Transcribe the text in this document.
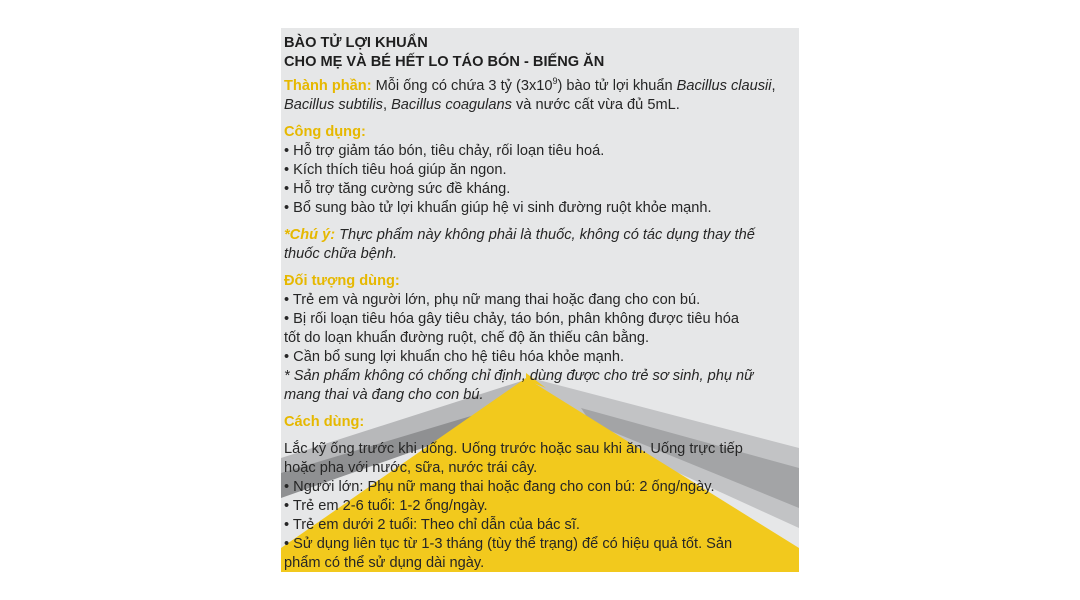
BÀO TỬ LỢI KHUẨN
CHO MẸ VÀ BÉ HẾT LO TÁO BÓN - BIẾNG ĂN
Thành phần: Mỗi ống có chứa 3 tỷ $(3x10^9)$ bào tử lợi khuẩn Bacillus clausii,
Bacillus subtilis, Bacillus coagulans và nước cất vừa đủ 5mL.
Công dụng:
• Hỗ trợ giảm táo bón, tiêu chảy, rối loạn tiêu hoá.
• Kích thích tiêu hoá giúp ăn ngon.
• Hỗ trợ tăng cường sức đề kháng.
• Bổ sung bào tử lợi khuẩn giúp hệ vi sinh đường ruột khỏe mạnh.
*Chú ý: Thực phẩm này không phải là thuốc, không có tác dụng thay thế
thuốc chữa bệnh.
Đối tượng dùng:
• Trẻ em và người lớn, phụ nữ mang thai hoặc đang cho con bú.
• Bị rối loạn tiêu hóa gây tiêu chảy, táo bón, phân không được tiêu hóa
tốt do loạn khuẩn đường ruột, chế độ ăn thiếu cân bằng.
• Cần bổ sung lợi khuẩn cho hệ tiêu hóa khỏe mạnh.
* Sản phẩm không có chống chỉ định, dùng được cho trẻ sơ sinh, phụ nữ
mang thai và đang cho con bú.
Cách dùng:
Lắc kỹ ống trước khi uống. Uống trước hoặc sau khi ăn. Uống trực tiếp
hoặc pha với nước, sữa, nước trái cây.
• Người lớn: Phụ nữ mang thai hoặc đang cho con bú: 2 ống/ngày.
• Trẻ em 2-6 tuổi: 1-2 ống/ngày.
• Trẻ em dưới 2 tuổi: Theo chỉ dẫn của bác sĩ.
• Sử dụng liên tục từ 1-3 tháng (tùy thể trạng) để có hiệu quả tốt. Sản
phẩm có thể sử dụng dài ngày.
